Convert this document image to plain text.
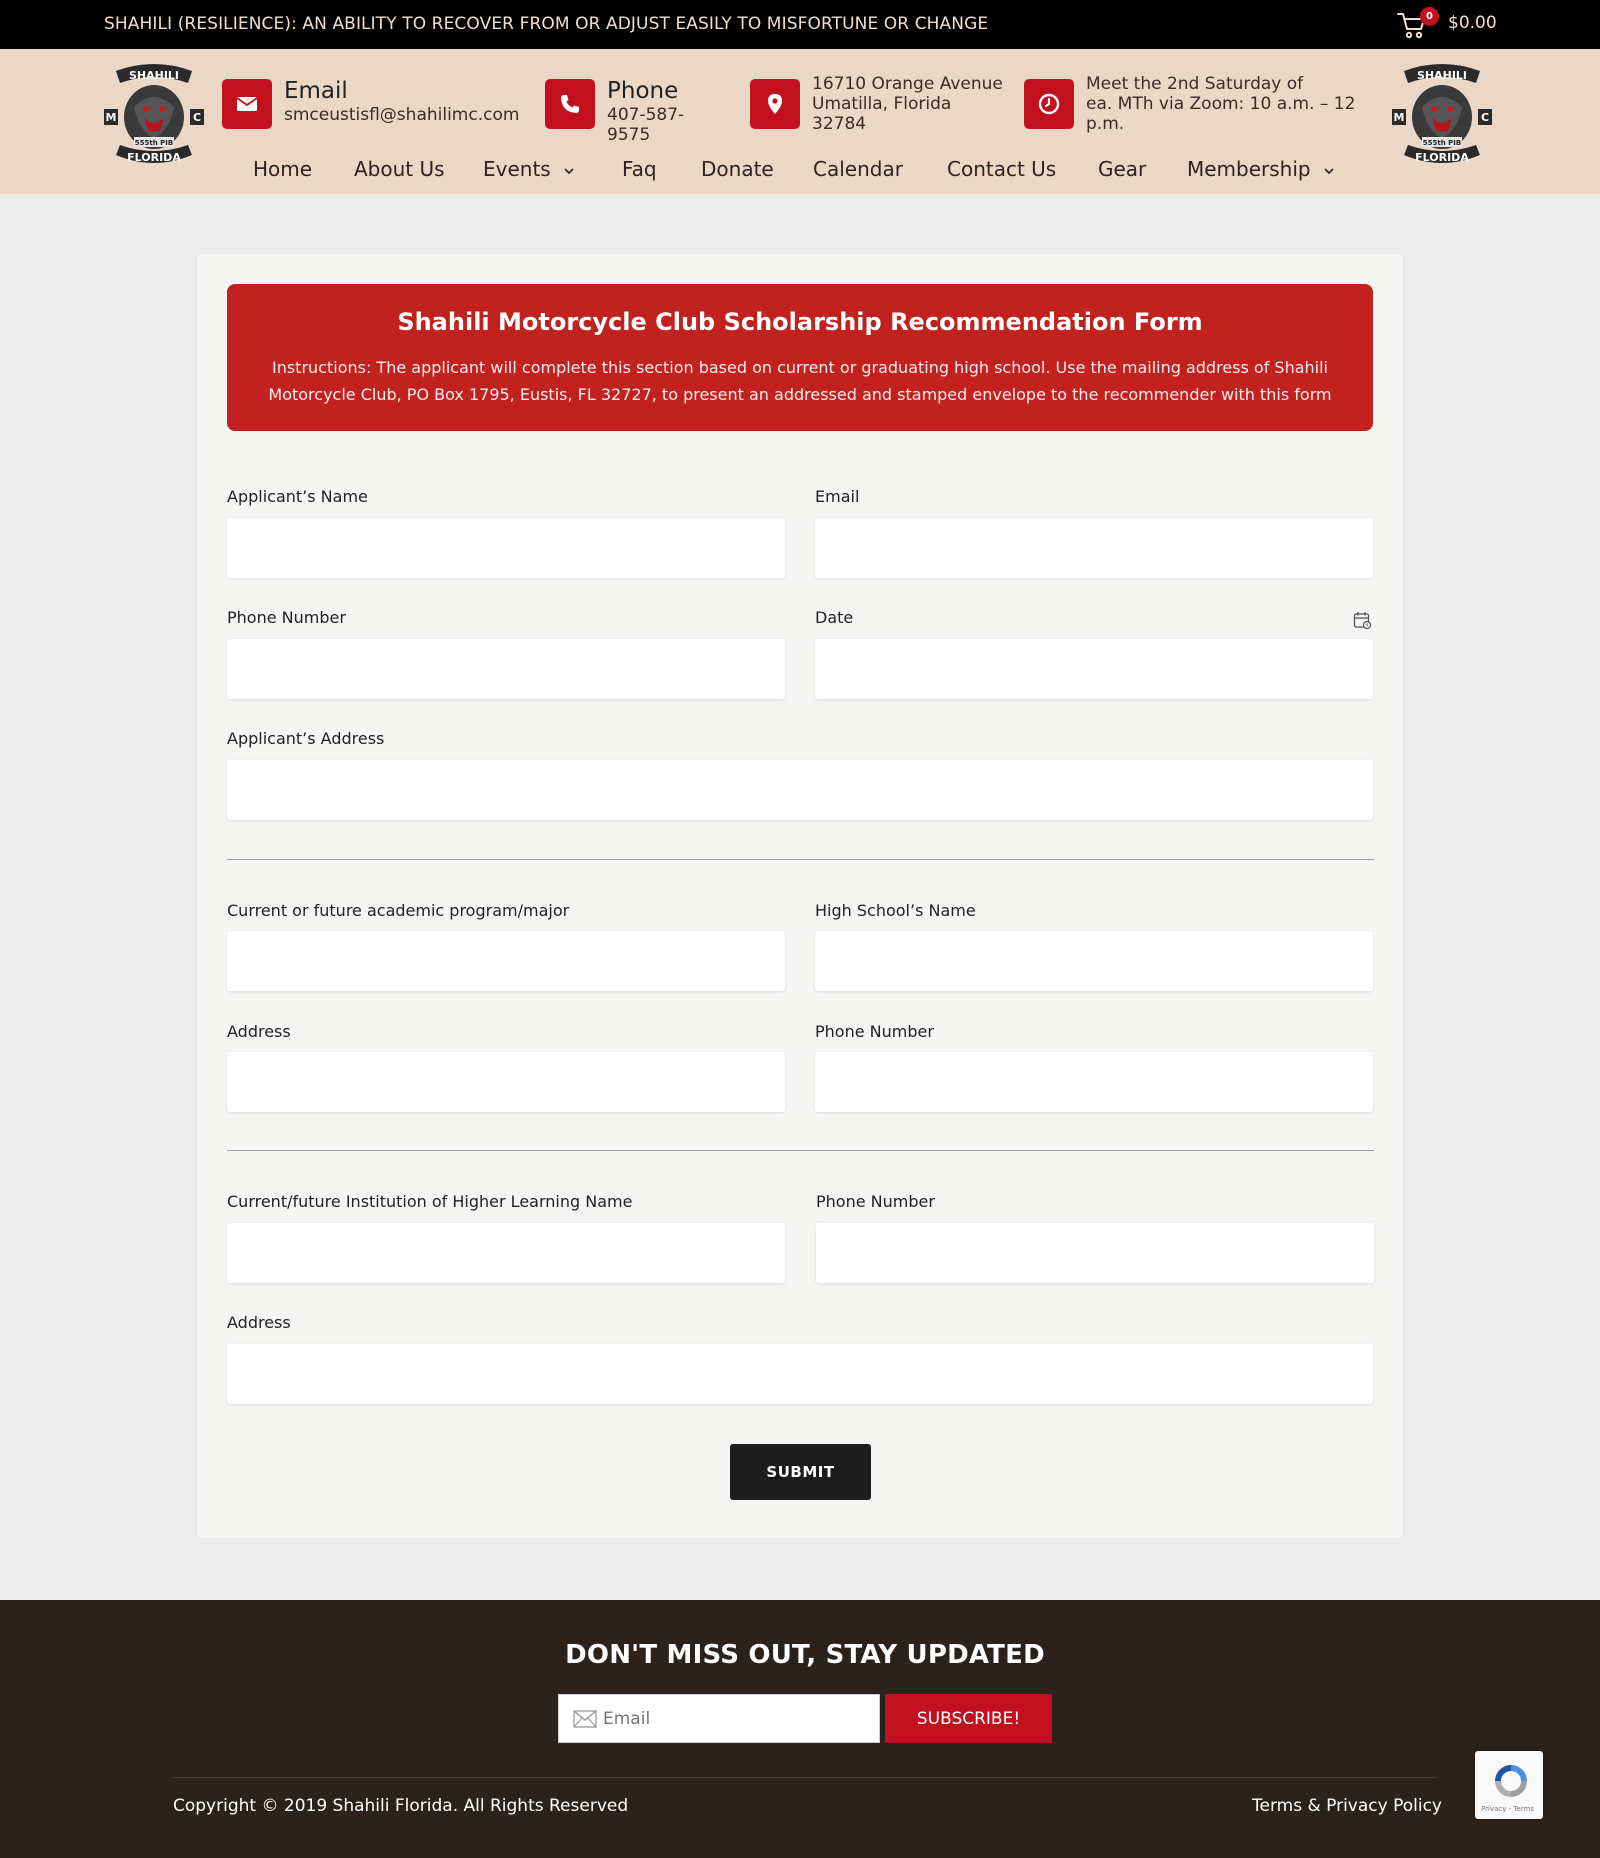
SHAHILI (RESILIENCE): AN ABILITY TO RECOVER FROM OR ADJUST EASILY TO MISFORTUNE OR CHANGE	0 $0.00
SHAHILI
M	C
555th PIB
FLORIDA
Email
smceustisfl@shahilimc.com
Phone
407-587-
9575
16710 Orange Avenue
Umatilla, Florida
32784
Meet the 2nd Saturday of
ea. MTh via Zoom: 10 a.m. – 12
p.m.
SHAHILI
M	C
555th PIB
FLORIDA
Home About Us Events	Faq Donate Calendar Contact Us Gear Membership
Shahili Motorcycle Club Scholarship Recommendation Form
Instructions: The applicant will complete this section based on current or graduating high school. Use the mailing address of Shahili Motorcycle Club, PO Box 1795, Eustis, FL 32727, to present an addressed and stamped envelope to the recommender with this form
Applicant’s Name	Email
Phone Number	Date
Applicant’s Address
Current or future academic program/major	High School’s Name
Address	Phone Number
Current/future Institution of Higher Learning Name	Phone Number
Address
SUBMIT
DON'T MISS OUT, STAY UPDATED
Email
SUBSCRIBE!
Copyright © 2019 Shahili Florida. All Rights Reserved	Terms & Privacy Policy	Privacy - Terms
